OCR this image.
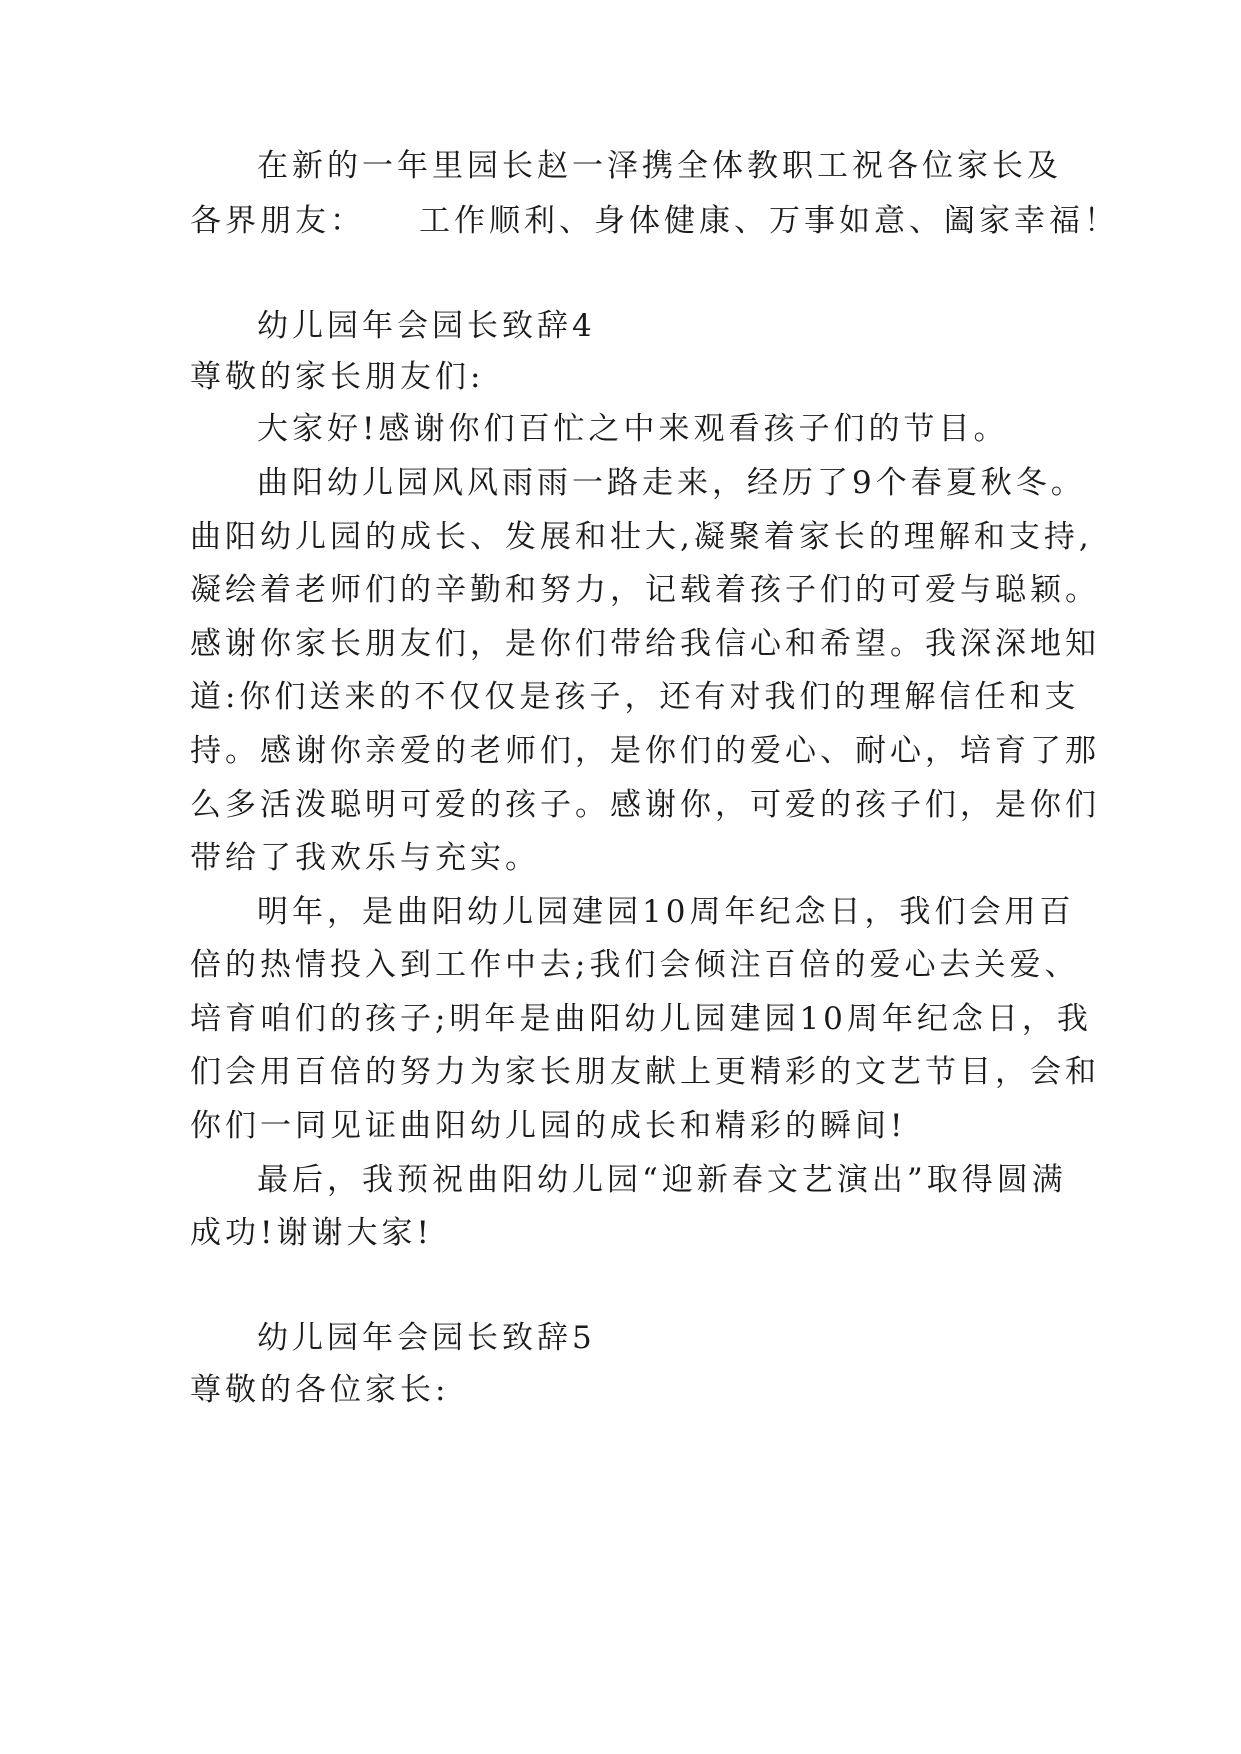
在新的一年里园长赵一泽携全体教职工祝各位家长及
各界朋友： 工作顺利、身体健康、万事如意、阖家幸福！
幼儿园年会园长致辞4
尊敬的家长朋友们:
大家好!感谢你们百忙之中来观看孩子们的节目。
曲阳幼儿园风风雨雨一路走来，经历了9个春夏秋冬。
曲阳幼儿园的成长、发展和壮大,凝聚着家长的理解和支持,
凝绘着老师们的辛勤和努力，记载着孩子们的可爱与聪颖。
感谢你家长朋友们，是你们带给我信心和希望。我深深地知
道:你们送来的不仅仅是孩子，还有对我们的理解信任和支
持。感谢你亲爱的老师们，是你们的爱心、耐心，培育了那
么多活泼聪明可爱的孩子。感谢你，可爱的孩子们，是你们
带给了我欢乐与充实。
明年，是曲阳幼儿园建园10周年纪念日，我们会用百
倍的热情投入到工作中去;我们会倾注百倍的爱心去关爱、
培育咱们的孩子;明年是曲阳幼儿园建园10周年纪念日，我
们会用百倍的努力为家长朋友献上更精彩的文艺节目，会和
你们一同见证曲阳幼儿园的成长和精彩的瞬间!
最后，我预祝曲阳幼儿园“迎新春文艺演出”取得圆满
成功!谢谢大家!
幼儿园年会园长致辞5
尊敬的各位家长:
